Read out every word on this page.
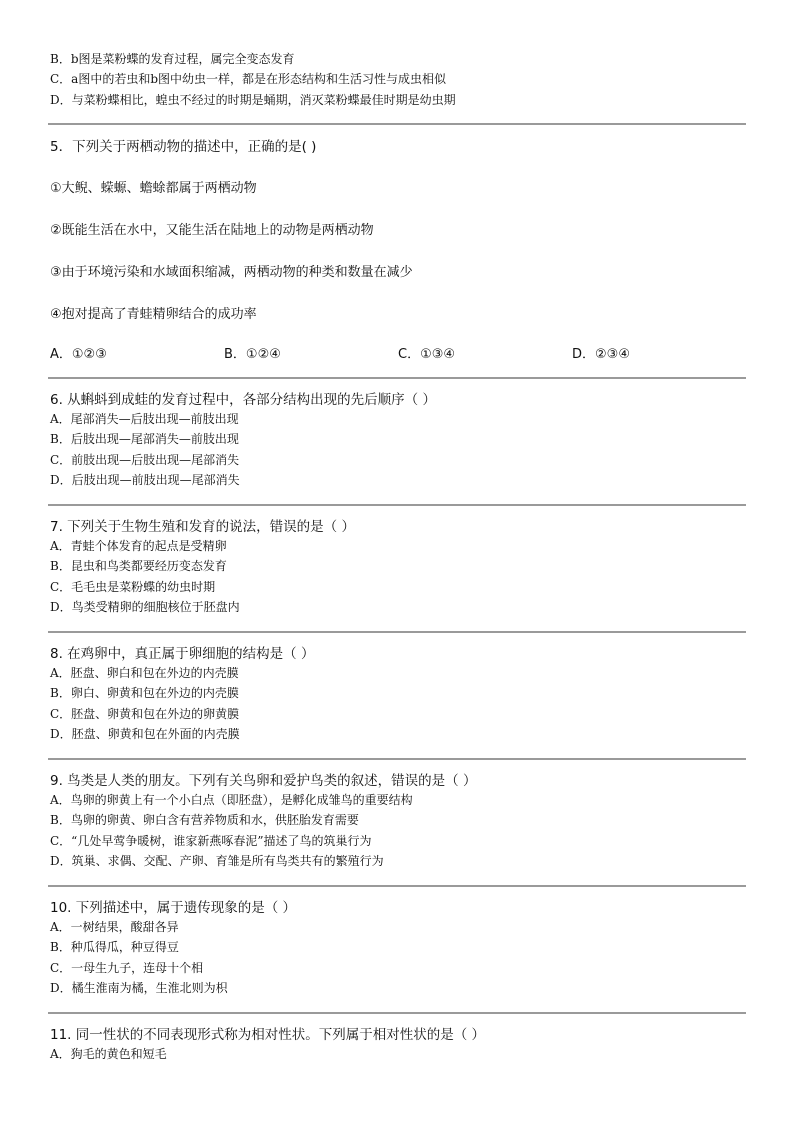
B．b图是菜粉蝶的发育过程，属完全变态发育
C．a图中的若虫和b图中幼虫一样，都是在形态结构和生活习性与成虫相似
D．与菜粉蝶相比，蝗虫不经过的时期是蛹期，消灭菜粉蝶最佳时期是幼虫期
5．下列关于两栖动物的描述中，正确的是( )
①大鲵、蝾螈、蟾蜍都属于两栖动物
②既能生活在水中，又能生活在陆地上的动物是两栖动物
③由于环境污染和水域面积缩减，两栖动物的种类和数量在减少
④抱对提高了青蛙精卵结合的成功率
A．①②③	B．①②④	C．①③④	D．②③④
6. 从蝌蚪到成蛙的发育过程中，各部分结构出现的先后顺序（ ）
A．尾部消失—后肢出现—前肢出现
B．后肢出现—尾部消失—前肢出现
C．前肢出现—后肢出现—尾部消失
D．后肢出现—前肢出现—尾部消失
7. 下列关于生物生殖和发育的说法，错误的是（ ）
A．青蛙个体发育的起点是受精卵
B．昆虫和鸟类都要经历变态发育
C．毛毛虫是菜粉蝶的幼虫时期
D．鸟类受精卵的细胞核位于胚盘内
8. 在鸡卵中，真正属于卵细胞的结构是（ ）
A．胚盘、卵白和包在外边的内壳膜
B．卵白、卵黄和包在外边的内壳膜
C．胚盘、卵黄和包在外边的卵黄膜
D．胚盘、卵黄和包在外面的内壳膜
9. 鸟类是人类的朋友。下列有关鸟卵和爱护鸟类的叙述，错误的是（ ）
A．鸟卵的卵黄上有一个小白点（即胚盘），是孵化成雏鸟的重要结构
B．鸟卵的卵黄、卵白含有营养物质和水，供胚胎发育需要
C．“几处早莺争暖树，谁家新燕啄春泥”描述了鸟的筑巢行为
D．筑巢、求偶、交配、产卵、育雏是所有鸟类共有的繁殖行为
10. 下列描述中，属于遗传现象的是（ ）
A．一树结果，酸甜各异
B．种瓜得瓜，种豆得豆
C．一母生九子，连母十个相
D．橘生淮南为橘，生淮北则为枳
11. 同一性状的不同表现形式称为相对性状。下列属于相对性状的是（ ）
A．狗毛的黄色和短毛
